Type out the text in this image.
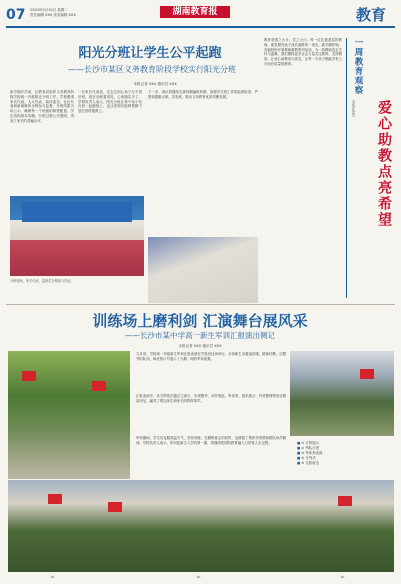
07 2024年9月10日 星期二
责任编辑 XXX 美术编辑 XXX	湖南教育报	教育
阳光分班让学生公平起跑
——长沙市某区义务教育阶段学校实行阳光分班
本报记者 XXX 通讯员 XXX
新学期开学前，区教育局组织义务教育阶段学校统一开展阳光分班工作。学校邀请家长代表、人大代表、政协委员、社区代表和新闻媒体全程参与监督，分班结果当场公示，确保每一个班级的师资配备、学生结构基本均衡。分班过程公开透明，得到了家长的普遍认可。
一位家长代表说，过去总担心孩子分不到好班，现在全程看得见，心里踏实多了。学校负责人表示，阳光分班让每个孩子站在同一起跑线上，也让老师们能够把精力放在因材施教上。
下一步，该区将继续完善均衡编班机制，加强对分班工作的监督检查，严禁设置重点班、实验班，推动义务教育优质均衡发展。
分班现场，家长代表、监督员全程参与见证。
教育是国之大计、党之大计。每一位扎根基层的教师，都是照亮孩子成长道路的一束光。新学期伊始，各地纷纷开展尊师重教系列活动，为一线教师送去关怀与温暖。我们期待更多社会力量关注教育、支持教育，让爱心助教成为常态，让每一个孩子都能享有公平而有质量的教育。	一周教育观察
本报评论员	爱心助教点亮希望
训练场上磨利剑 汇演舞台展风采
——长沙市某中学高一新生军训汇报演出侧记
本报记者 XXX 通讯员 XXX
九月初，学校高一年级新生军训汇报表演在学校田径场举行。全体新生身着迷彩服，精神抖擞，以整齐的队列、响亮的口号展示了为期一周的军训成果。
汇报表演中，各方阵依次通过主席台，步伐整齐、动作规范。军体拳、战术展示、内务整理等项目精彩纷呈，赢得了观礼师生和家长的阵阵掌声。
军训期间，学生们克服高温天气，坚持训练，在磨炼意志的同时，也增强了集体荣誉感和团队协作精神。学校负责人表示，军训是新生入学的第一课，将继续把国防教育融入日常育人全过程。
■	① 方阵展示
■ ② 列队行进
■ ③ 军体拳表演
■ ④ 分列式
■ ⑤ 合影留念
❧	❧	❧
